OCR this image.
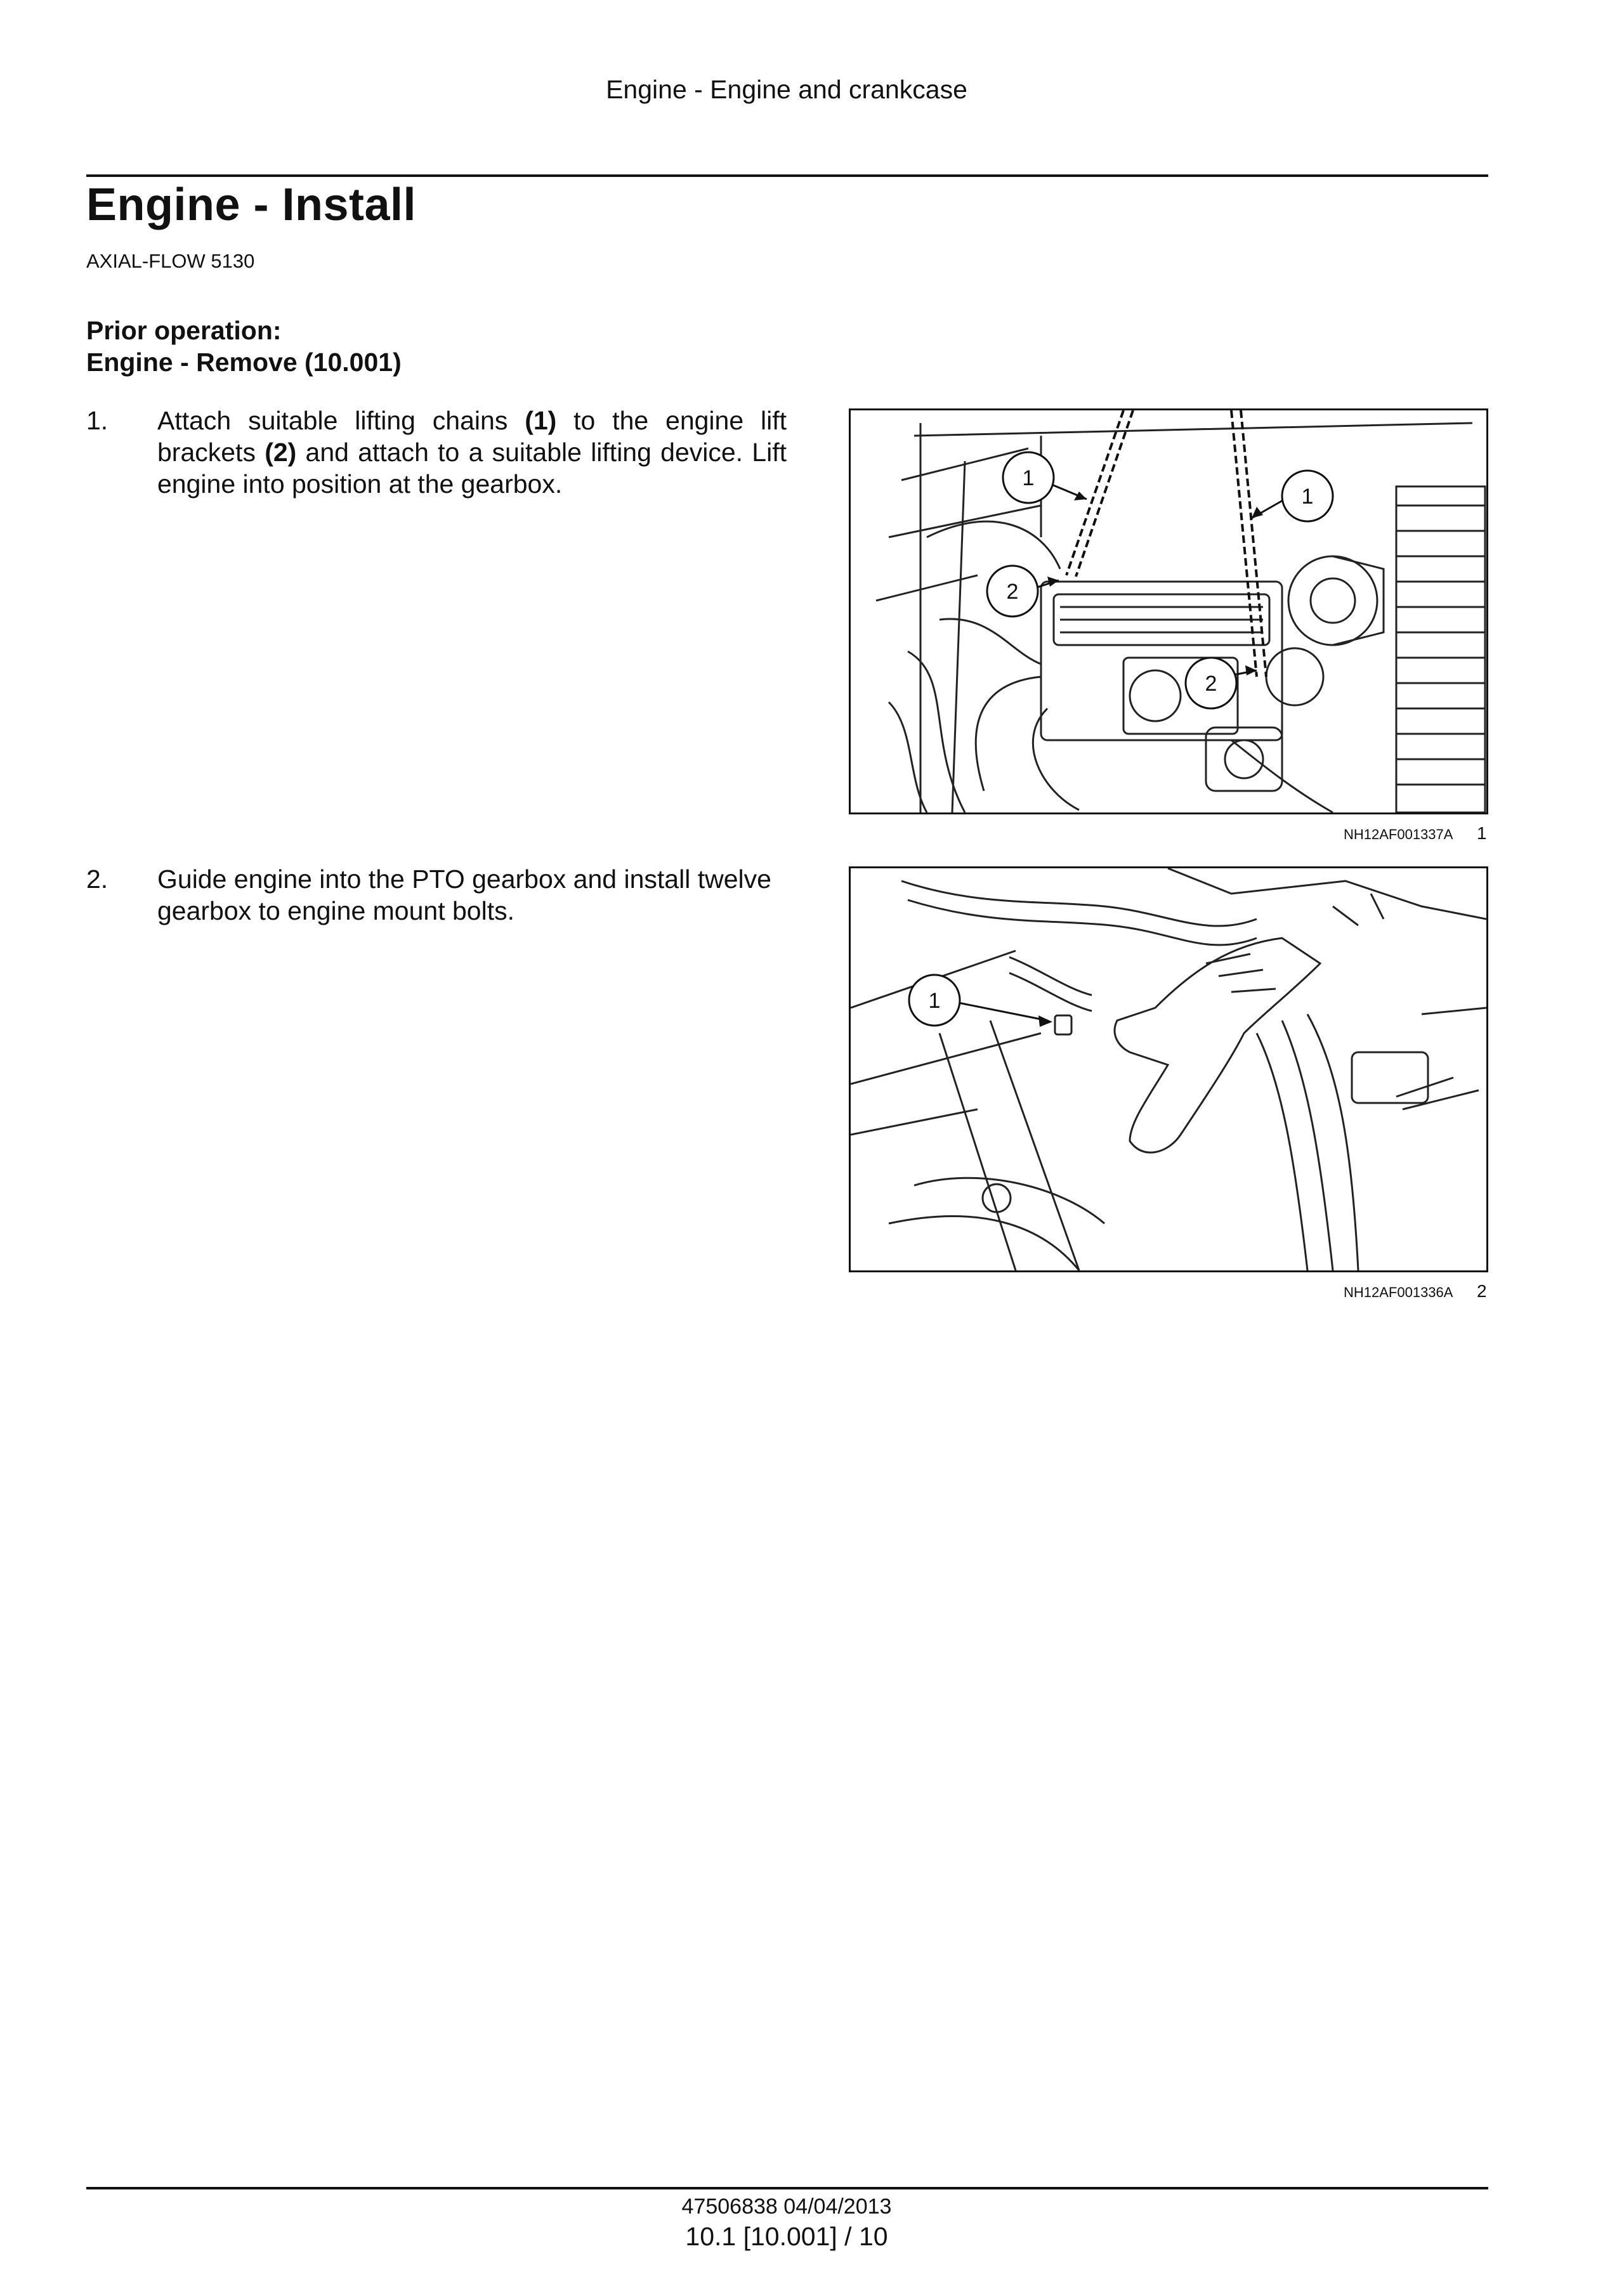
Engine - Engine and crankcase
Engine - Install
AXIAL-FLOW 5130
Prior operation:
Engine - Remove (10.001)
1. Attach suitable lifting chains (1) to the engine lift brackets (2) and attach to a suitable lifting device. Lift engine into position at the gearbox.	1
1
2
2
NH12AF001337A 1
2. Guide engine into the PTO gearbox and install twelve gearbox to engine mount bolts.
1
NH12AF001336A 2
47506838 04/04/2013
10.1 [10.001] / 10
